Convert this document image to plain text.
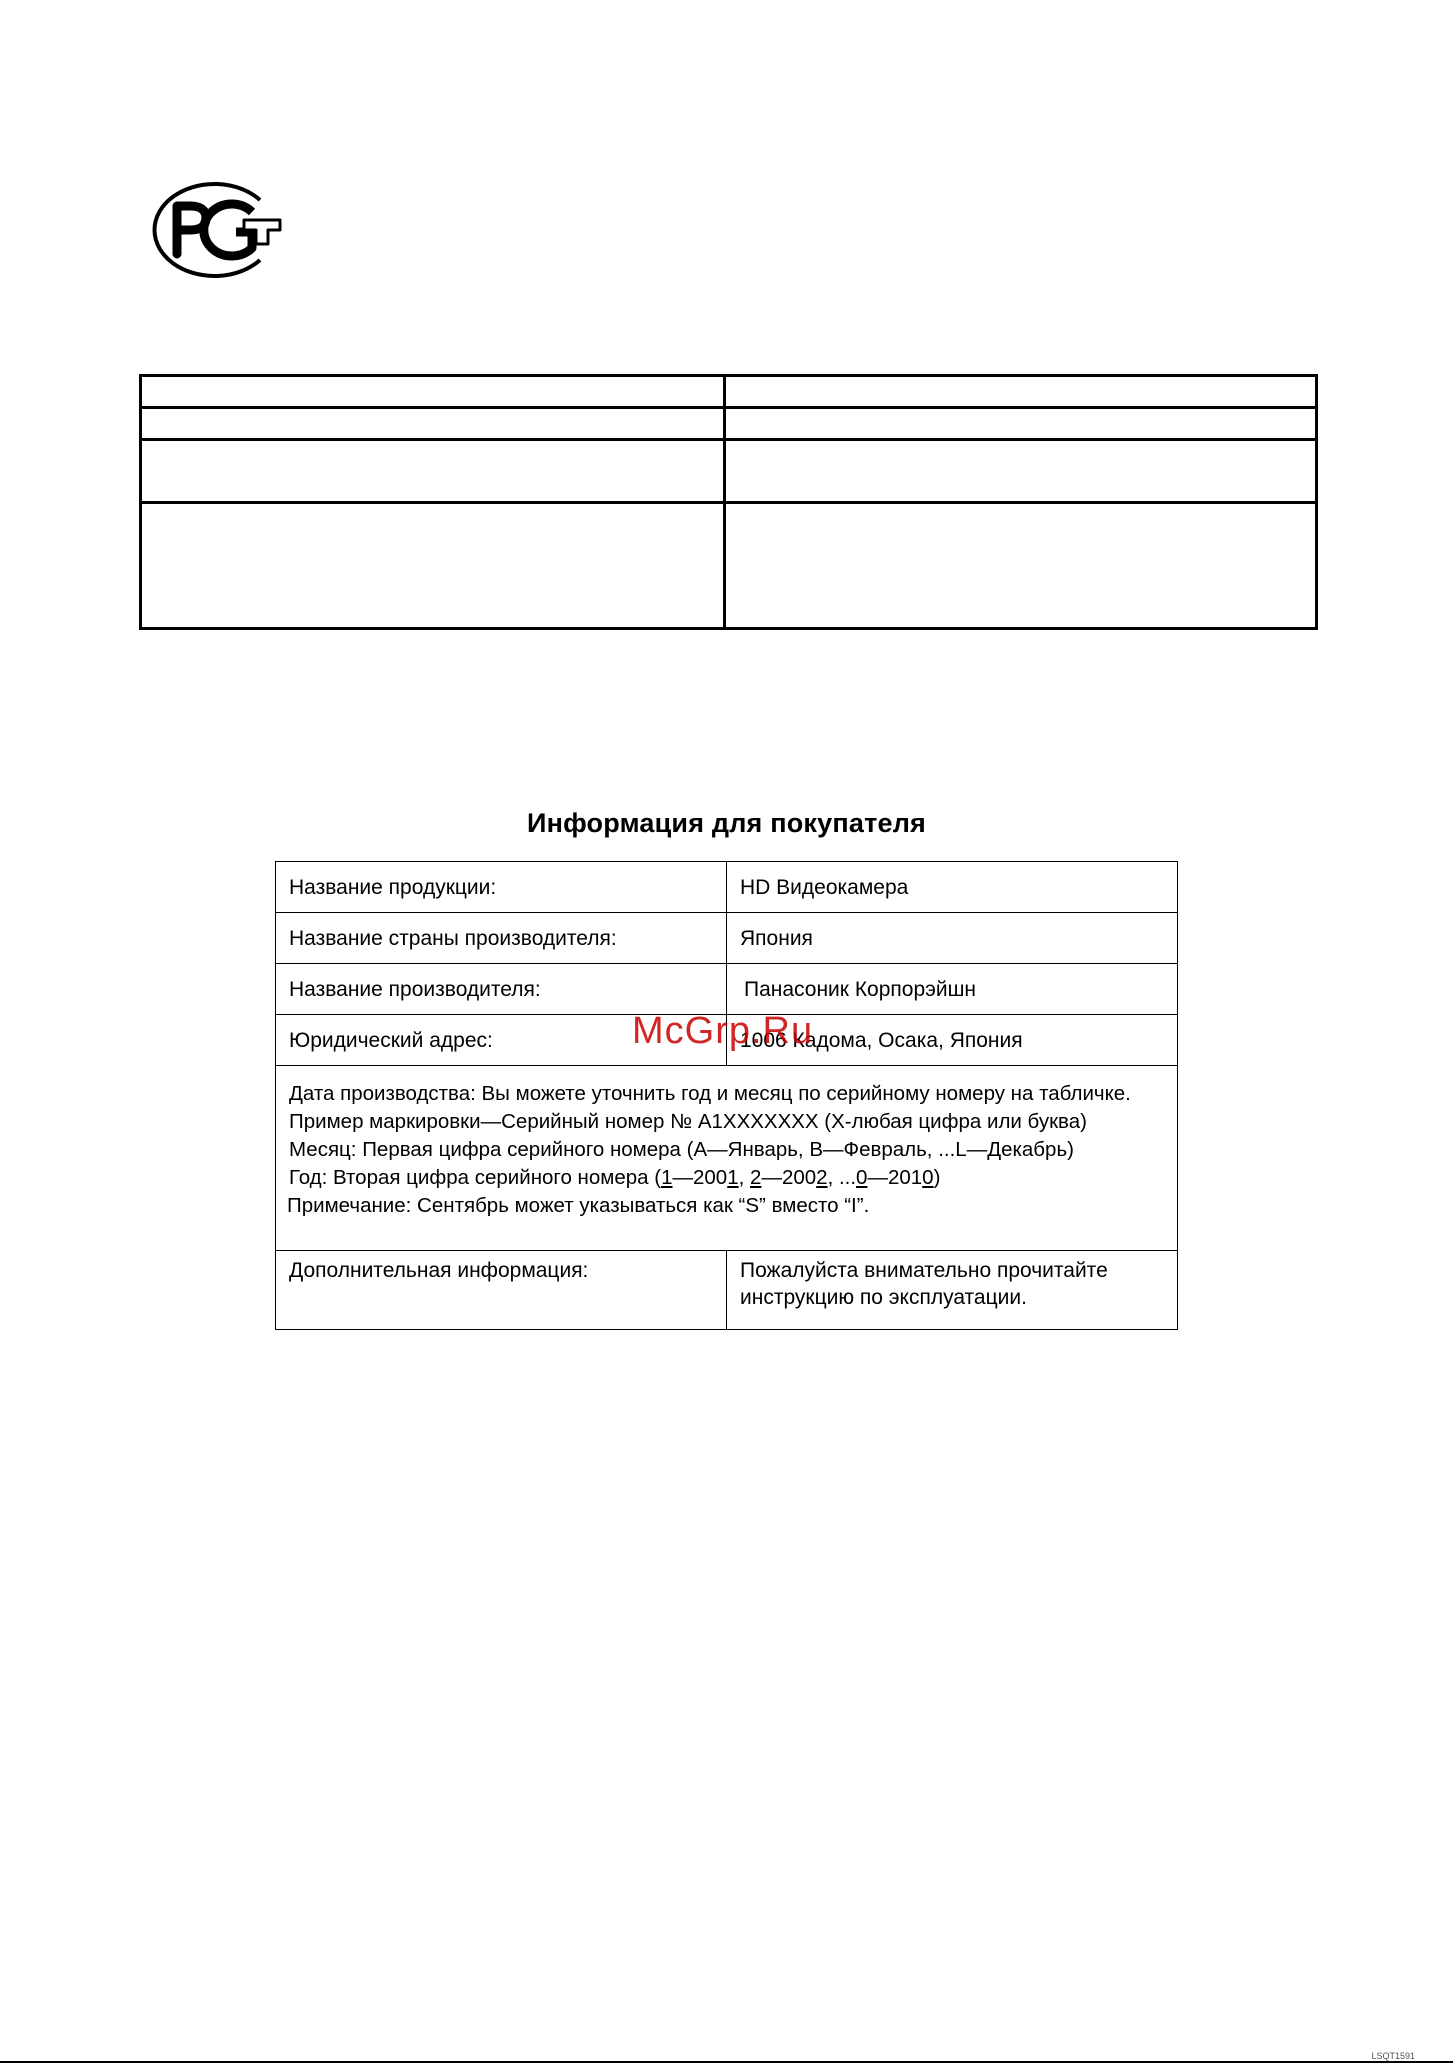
Информация для покупателя
Название продукции:	HD Видеокамера
Название страны производителя:	Япония
Название производителя:	Панасоник Корпорэйшн
Юридический адрес:	1006 Кадома, Осака, Япония

Дата производства: Вы можете уточнить год и месяц по серийному номеру на табличке.

Пример маркировки—Серийный номер № A1XXXXXXX (X-любая цифра или буква)

Месяц: Первая цифра серийного номера (A—Январь, B—Февраль, ...L—Декабрь)

Год: Вторая цифра серийного номера (1—2001, 2—2002, ...0—2010)

Примечание: Сентябрь может указываться как “S” вместо “I”.	

Дополнительная информация:	Пожалуйста внимательно прочитайте
инструкцию по эксплуатации.

McGrp.Ru

LSQT1591
